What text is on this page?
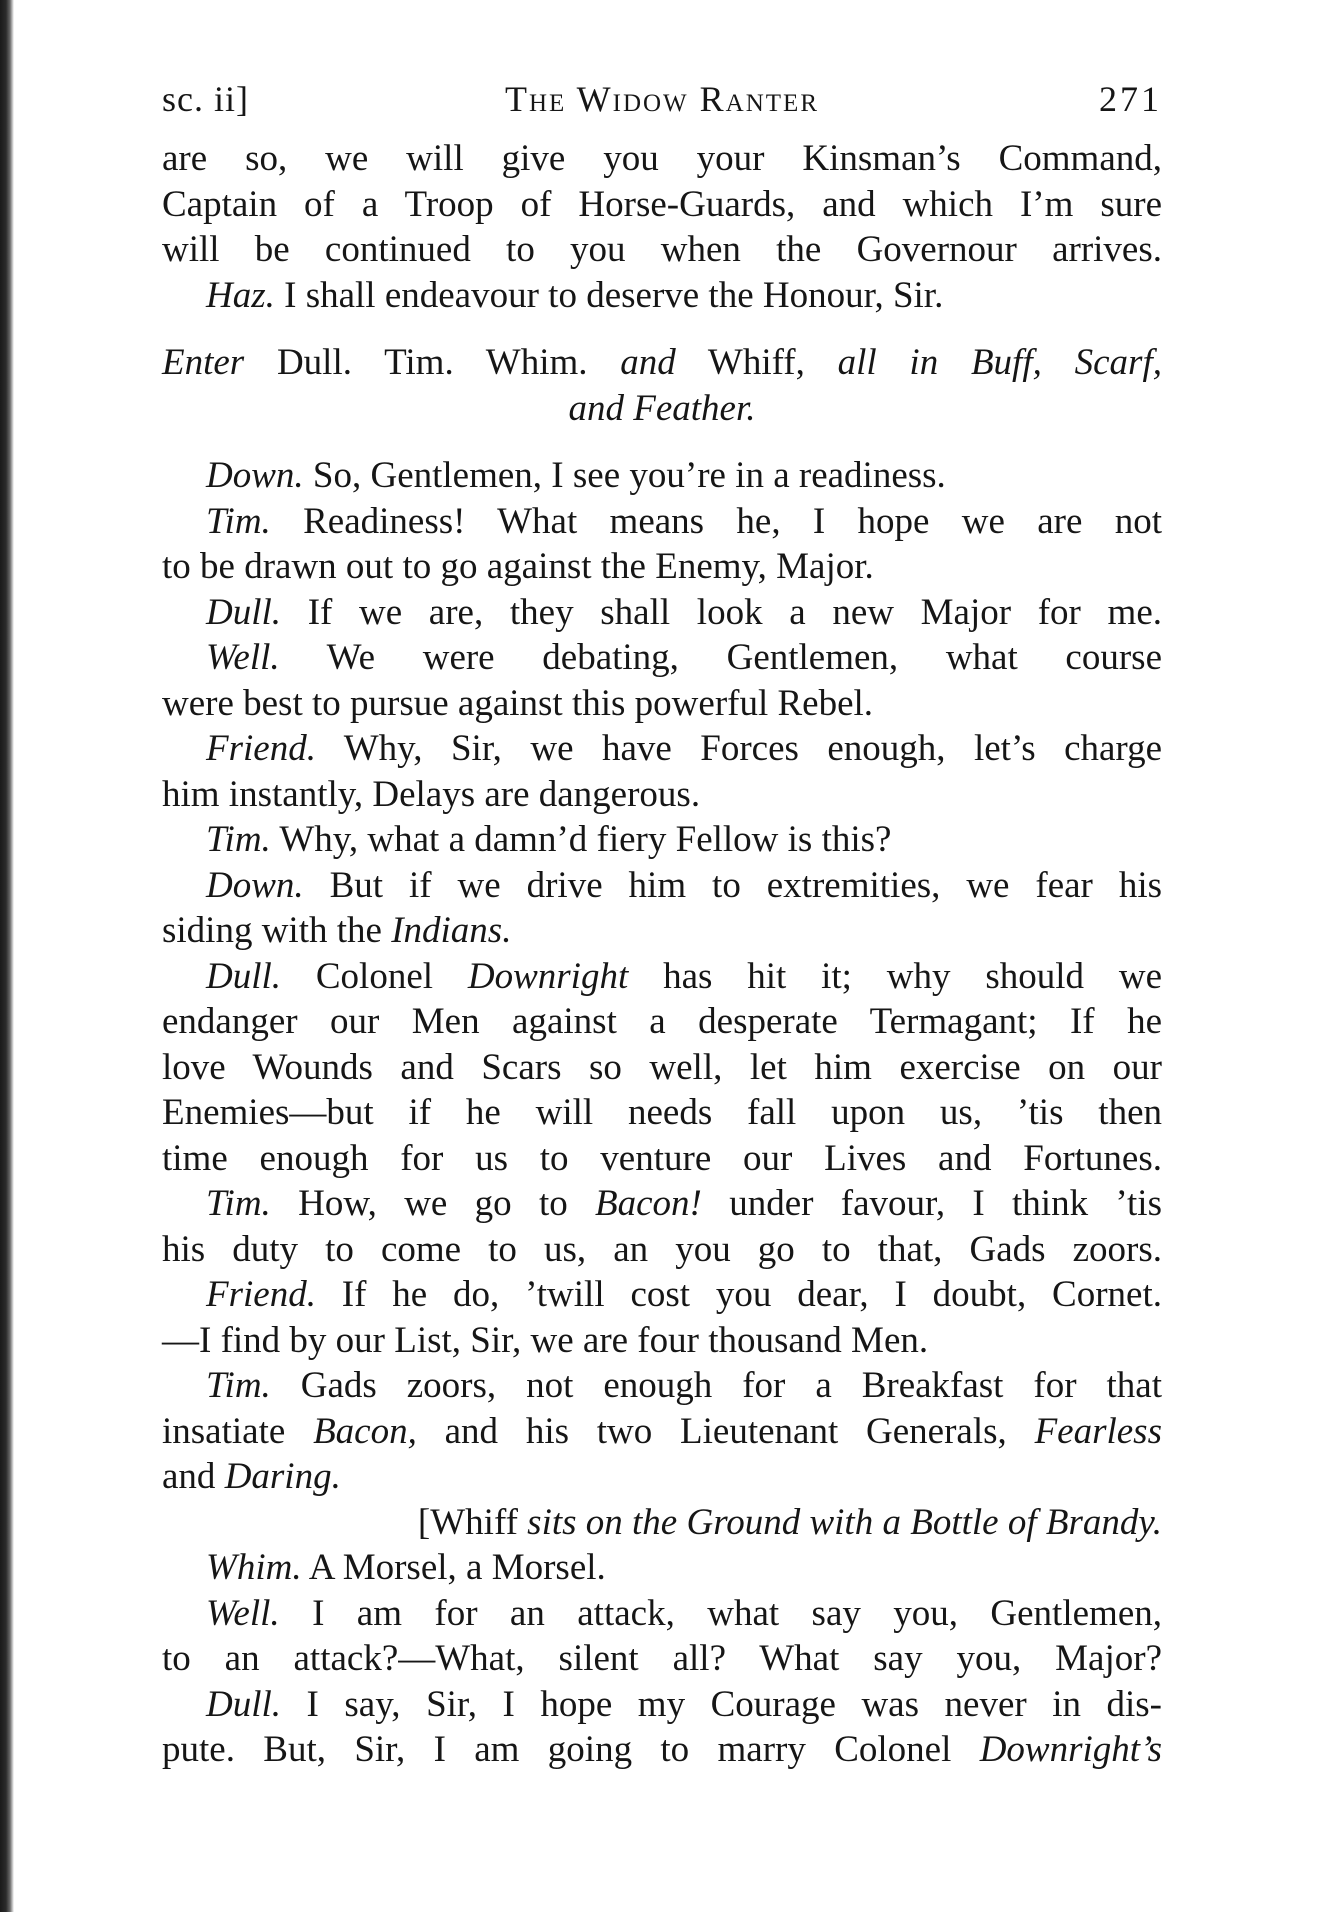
sc. ii]	The Widow Ranter	271
are so, we will give you your Kinsman’s Command,
Captain of a Troop of Horse-Guards, and which I’m sure
will be continued to you when the Governour arrives.
Haz. I shall endeavour to deserve the Honour, Sir.
Enter Dull. Tim. Whim. and Whiff, all in Buff, Scarf,
and Feather.
Down. So, Gentlemen, I see you’re in a readiness.
Tim. Readiness! What means he, I hope we are not
to be drawn out to go against the Enemy, Major.
Dull. If we are, they shall look a new Major for me.
Well. We were debating, Gentlemen, what course
were best to pursue against this powerful Rebel.
Friend. Why, Sir, we have Forces enough, let’s charge
him instantly, Delays are dangerous.
Tim. Why, what a damn’d fiery Fellow is this?
Down. But if we drive him to extremities, we fear his
siding with the Indians.
Dull. Colonel Downright has hit it; why should we
endanger our Men against a desperate Termagant; If he
love Wounds and Scars so well, let him exercise on our
Enemies—but if he will needs fall upon us, ’tis then
time enough for us to venture our Lives and Fortunes.
Tim. How, we go to Bacon! under favour, I think ’tis
his duty to come to us, an you go to that, Gads zoors.
Friend. If he do, ’twill cost you dear, I doubt, Cornet.
—I find by our List, Sir, we are four thousand Men.
Tim. Gads zoors, not enough for a Breakfast for that
insatiate Bacon, and his two Lieutenant Generals, Fearless
and Daring.
[Whiff sits on the Ground with a Bottle of Brandy.
Whim. A Morsel, a Morsel.
Well. I am for an attack, what say you, Gentlemen,
to an attack?—What, silent all? What say you, Major?
Dull. I say, Sir, I hope my Courage was never in dis-
pute. But, Sir, I am going to marry Colonel Downright’s
